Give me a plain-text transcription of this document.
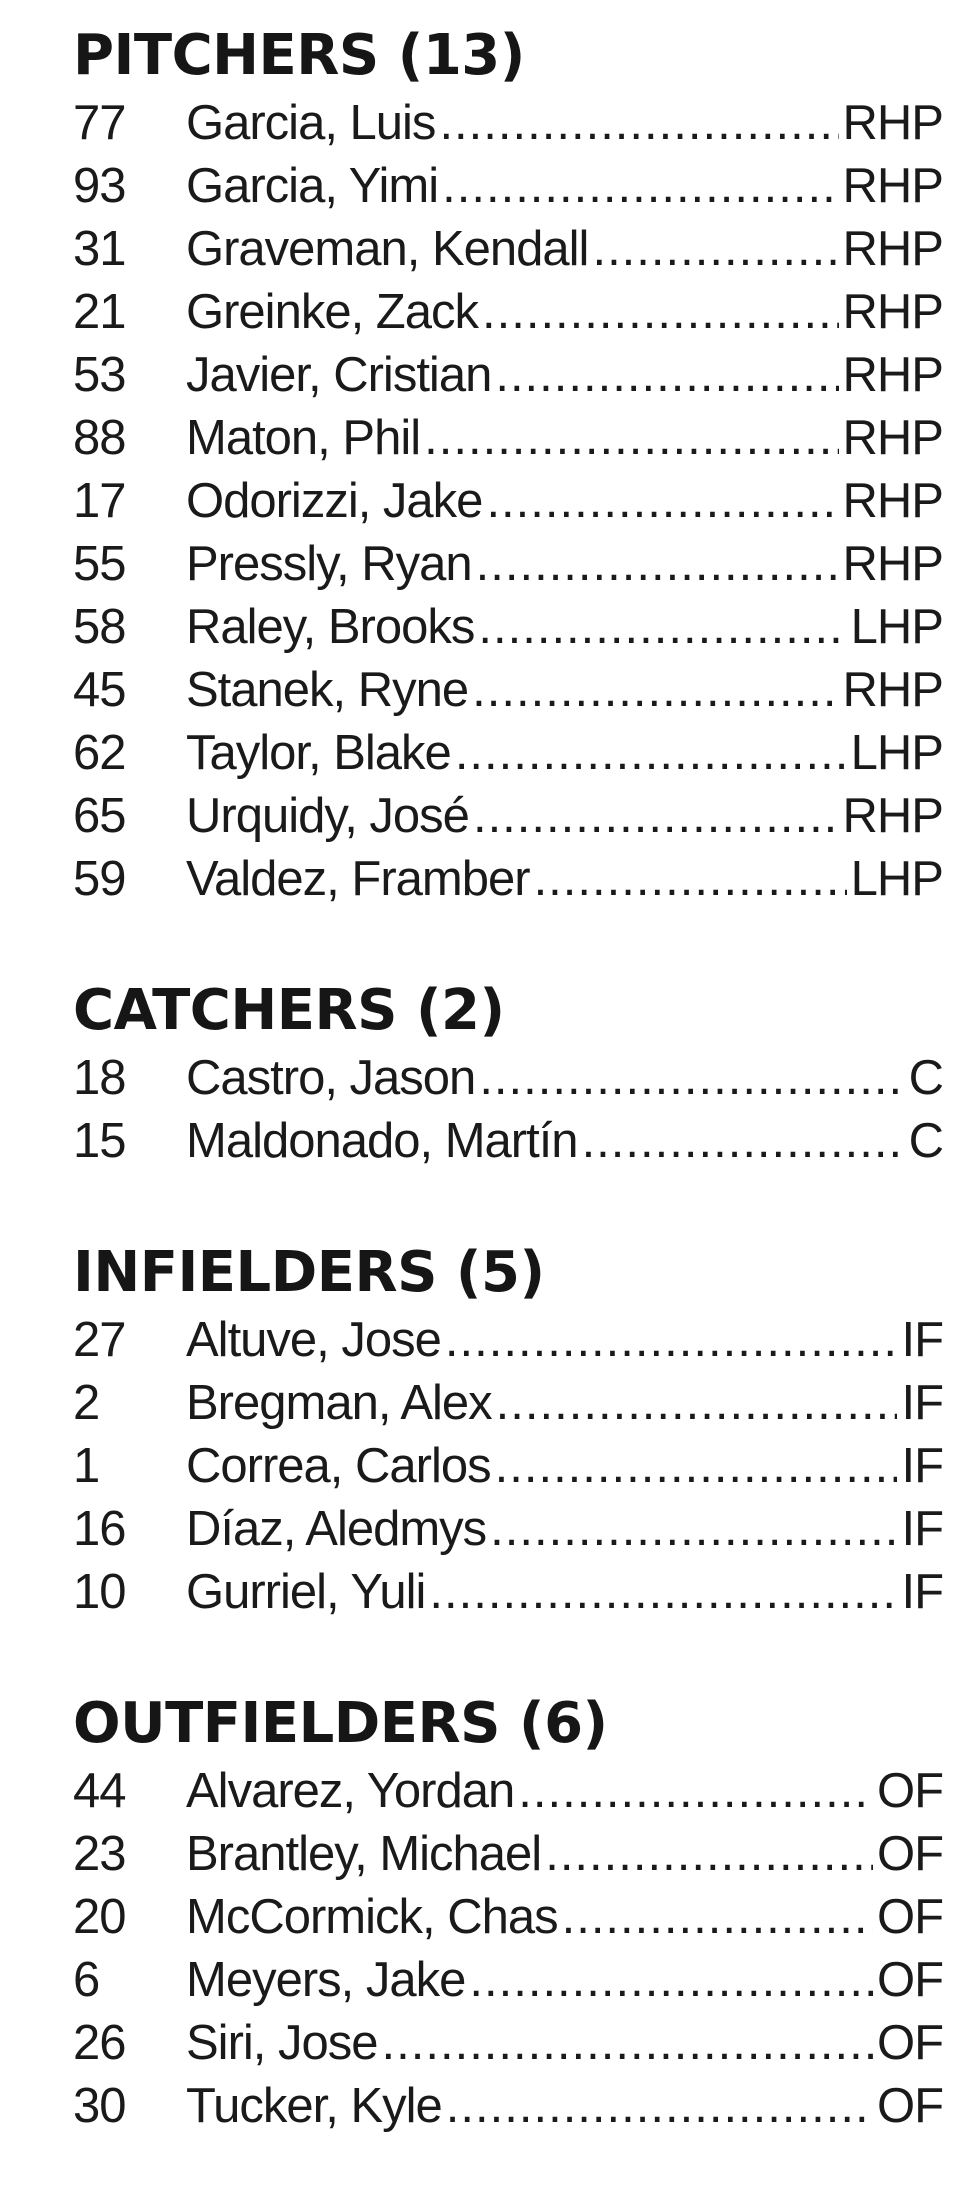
PITCHERS (13)
77	Garcia, Luis .....	RHP
93	Garcia, Yimi .....	RHP
31	Graveman, Kendall .....	RHP
21	Greinke, Zack .....	RHP
53	Javier, Cristian .....	RHP
88	Maton, Phil .....	RHP
17	Odorizzi, Jake .....	RHP
55	Pressly, Ryan .....	RHP
58	Raley, Brooks .....	LHP
45	Stanek, Ryne .....	RHP
62	Taylor, Blake .....	LHP
65	Urquidy, José .....	RHP
59	Valdez, Framber .....	LHP
CATCHERS (2)
18	Castro, Jason .....	C
15	Maldonado, Martín .....	C
INFIELDERS (5)
27	Altuve, Jose .....	IF
2	Bregman, Alex .....	IF
1	Correa, Carlos .....	IF
16	Díaz, Aledmys .....	IF
10	Gurriel, Yuli .....	IF
OUTFIELDERS (6)
44	Alvarez, Yordan .....	OF
23	Brantley, Michael .....	OF
20	McCormick, Chas .....	OF
6	Meyers, Jake .....	OF
26	Siri, Jose .....	OF
30	Tucker, Kyle .....	OF
